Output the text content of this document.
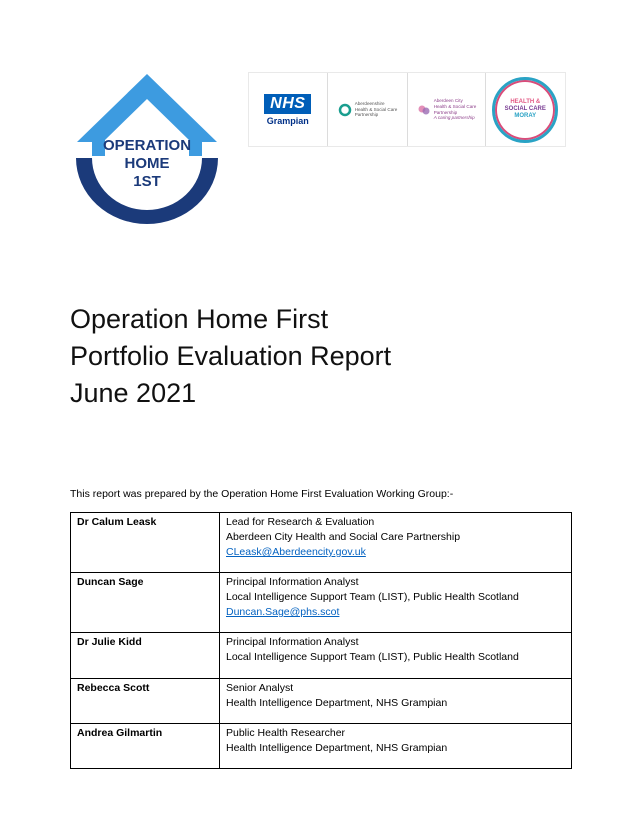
OPERATION
HOME
1ST
NHS
Grampian
Aberdeenshire
Health & Social Care
Partnership
Aberdeen City
Health & Social Care
Partnership
A caring partnership
HEALTH &
SOCIAL CARE
MORAY
Operation Home First
Portfolio Evaluation Report
June 2021
This report was prepared by the Operation Home First Evaluation Working Group:-
Dr Calum Leask	Lead for Research & Evaluation
Aberdeen City Health and Social Care Partnership
CLeask@Aberdeencity.gov.uk

Duncan Sage	Principal Information Analyst
Local Intelligence Support Team (LIST), Public Health Scotland
Duncan.Sage@phs.scot

Dr Julie Kidd	Principal Information Analyst
Local Intelligence Support Team (LIST), Public Health Scotland

Rebecca Scott	Senior Analyst
Health Intelligence Department, NHS Grampian

Andrea Gilmartin	Public Health Researcher
Health Intelligence Department, NHS Grampian
